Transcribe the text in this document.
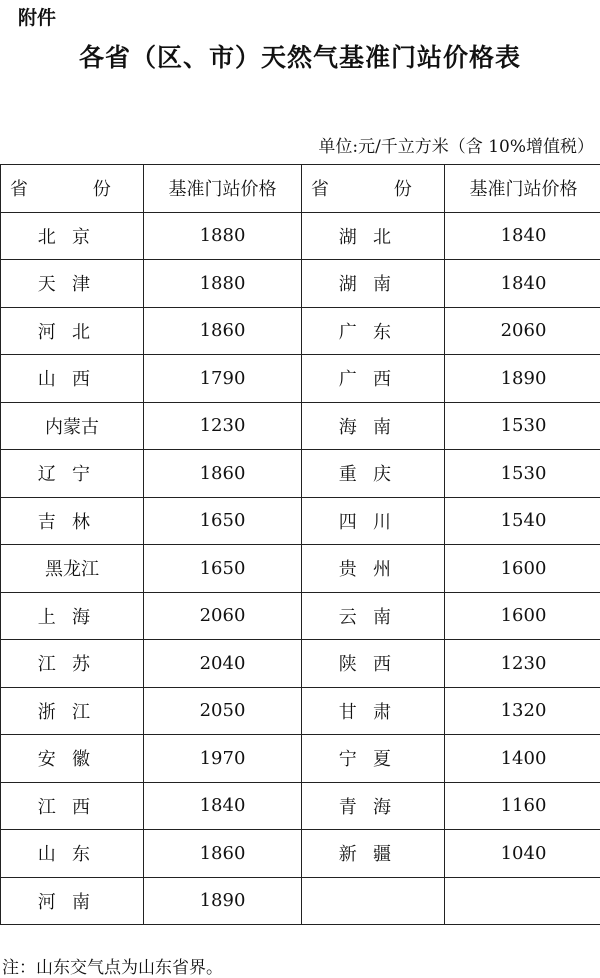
附件
各省（区、市）天然气基准门站价格表
单位:元/千立方米（含 10%增值税）
省　份	基准门站价格	省　份	基准门站价格
北京	1880	湖北	1840
天津	1880	湖南	1840
河北	1860	广东	2060
山西	1790	广西	1890
内蒙古	1230	海南	1530
辽宁	1860	重庆	1530
吉林	1650	四川	1540
黑龙江	1650	贵州	1600
上海	2060	云南	1600
江苏	2040	陕西	1230
浙江	2050	甘肃	1320
安徽	1970	宁夏	1400
江西	1840	青海	1160
山东	1860	新疆	1040
河南	1890		
注：山东交气点为山东省界。
